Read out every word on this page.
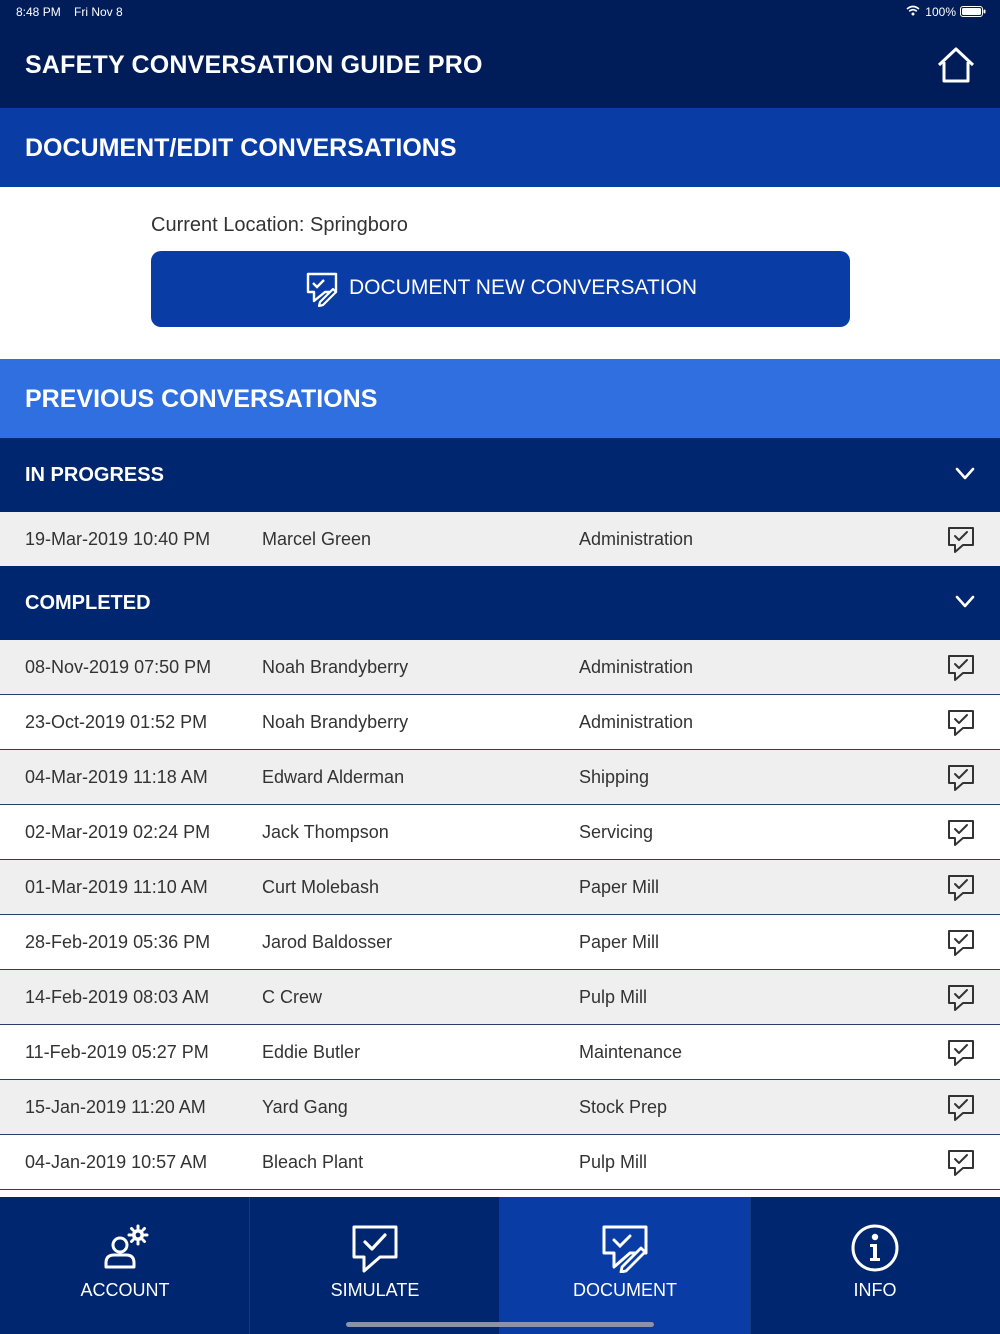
8:48 PM Fri Nov 8	100%
SAFETY CONVERSATION GUIDE PRO
DOCUMENT/EDIT CONVERSATIONS
Current Location: Springboro
DOCUMENT NEW CONVERSATION
PREVIOUS CONVERSATIONS
IN PROGRESS
19-Mar-2019 10:40 PM	Marcel Green	Administration
COMPLETED
08-Nov-2019 07:50 PM	Noah Brandyberry	Administration
23-Oct-2019 01:52 PM	Noah Brandyberry	Administration
04-Mar-2019 11:18 AM	Edward Alderman	Shipping
02-Mar-2019 02:24 PM	Jack Thompson	Servicing
01-Mar-2019 11:10 AM	Curt Molebash	Paper Mill
28-Feb-2019 05:36 PM	Jarod Baldosser	Paper Mill
14-Feb-2019 08:03 AM	C Crew	Pulp Mill
11-Feb-2019 05:27 PM	Eddie Butler	Maintenance
15-Jan-2019 11:20 AM	Yard Gang	Stock Prep
04-Jan-2019 10:57 AM	Bleach Plant	Pulp Mill
ACCOUNT	SIMULATE	DOCUMENT	INFO
